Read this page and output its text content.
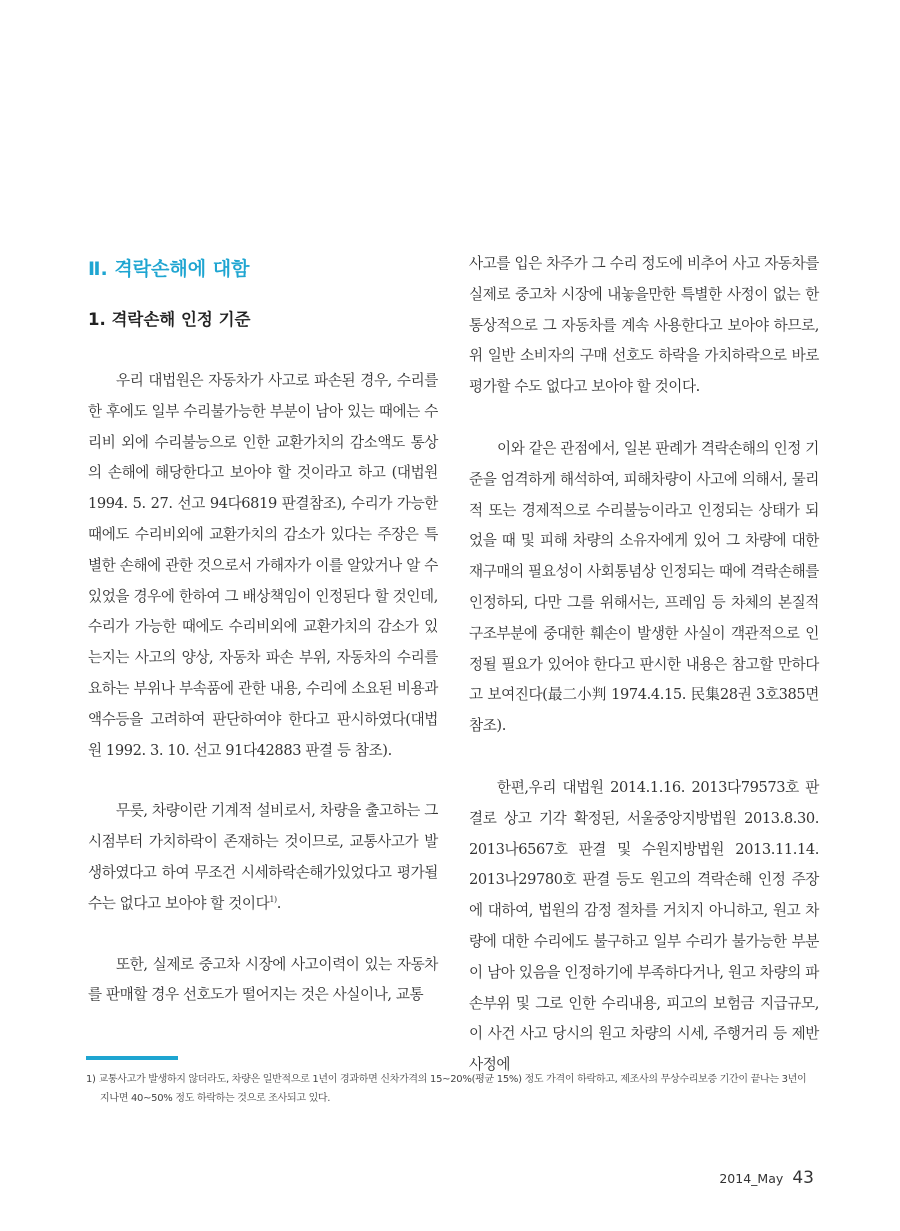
Ⅱ. 격락손해에 대함
1. 격락손해 인정 기준

우리 대법원은 자동차가 사고로 파손된 경우, 수리를 한 후에도 일부 수리불가능한 부분이 남아 있는 때에는 수리비 외에 수리불능으로 인한 교환가치의 감소액도 통상의 손해에 해당한다고 보아야 할 것이라고 하고 (대법원 1994. 5. 27. 선고 94다6819 판결참조), 수리가 가능한 때에도 수리비외에 교환가치의 감소가 있다는 주장은 특별한 손해에 관한 것으로서 가해자가 이를 알았거나 알 수 있었을 경우에 한하여 그 배상책임이 인정된다 할 것인데, 수리가 가능한 때에도 수리비외에 교환가치의 감소가 있는지는 사고의 양상, 자동차 파손 부위, 자동차의 수리를 요하는 부위나 부속품에 관한 내용, 수리에 소요된 비용과 액수등을 고려하여 판단하여야 한다고 판시하였다(대법원 1992. 3. 10. 선고 91다42883 판결 등 참조).

무릇, 차량이란 기계적 설비로서, 차량을 출고하는 그 시점부터 가치하락이 존재하는 것이므로, 교통사고가 발생하였다고 하여 무조건 시세하락손해가있었다고 평가될 수는 없다고 보아야 할 것이다$^{1)}$.

또한, 실제로 중고차 시장에 사고이력이 있는 자동차를 판매할 경우 선호도가 떨어지는 것은 사실이나, 교통

사고를 입은 차주가 그 수리 정도에 비추어 사고 자동차를 실제로 중고차 시장에 내놓을만한 특별한 사정이 없는 한 통상적으로 그 자동차를 계속 사용한다고 보아야 하므로, 위 일반 소비자의 구매 선호도 하락을 가치하락으로 바로 평가할 수도 없다고 보아야 할 것이다.

이와 같은 관점에서, 일본 판례가 격락손해의 인정 기준을 엄격하게 해석하여, 피해차량이 사고에 의해서, 물리적 또는 경제적으로 수리불능이라고 인정되는 상태가 되었을 때 및 피해 차량의 소유자에게 있어 그 차량에 대한 재구매의 필요성이 사회통념상 인정되는 때에 격락손해를 인정하되, 다만 그를 위해서는, 프레임 등 차체의 본질적 구조부분에 중대한 훼손이 발생한 사실이 객관적으로 인정될 필요가 있어야 한다고 판시한 내용은 참고할 만하다고 보여진다(最二小判 1974.4.15. 民集28권 3호385면 참조).

한편,우리 대법원 2014.1.16. 2013다79573호 판결로 상고 기각 확정된, 서울중앙지방법원 2013.8.30. 2013나6567호 판결 및 수원지방법원 2013.11.14. 2013나29780호 판결 등도 원고의 격락손해 인정 주장에 대하여, 법원의 감정 절차를 거치지 아니하고, 원고 차량에 대한 수리에도 불구하고 일부 수리가 불가능한 부분이 남아 있음을 인정하기에 부족하다거나, 원고 차량의 파손부위 및 그로 인한 수리내용, 피고의 보험금 지급규모, 이 사건 사고 당시의 원고 차량의 시세, 주행거리 등 제반사정에

1) 교통사고가 발생하지 않더라도, 차량은 일반적으로 1년이 경과하면 신차가격의 15~20%(평균 15%) 정도 가격이 하락하고, 제조사의 무상수리보증 기간이 끝나는 3년이 지나면 40~50% 정도 하락하는 것으로 조사되고 있다.
2014_May 43
